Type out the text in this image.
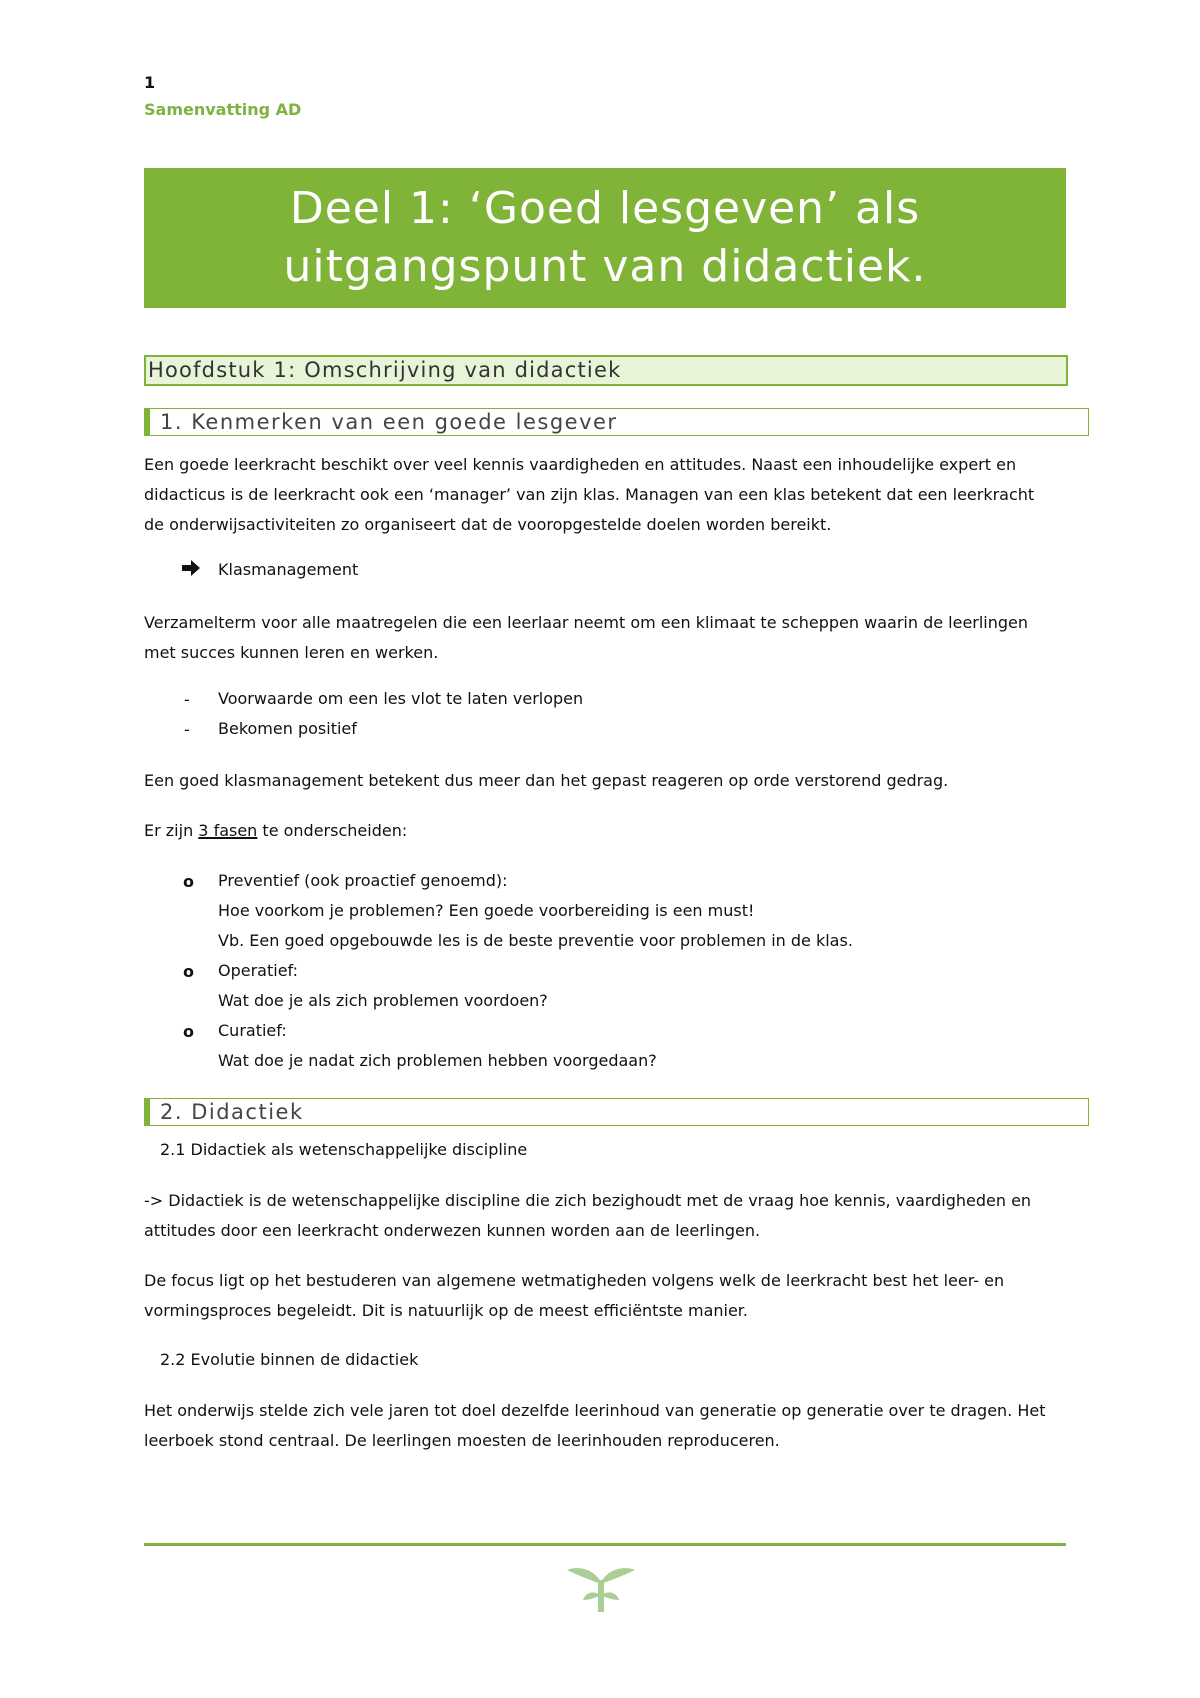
1
Samenvatting AD
Deel 1: ‘Goed lesgeven’ als
uitgangspunt van didactiek.
Hoofdstuk 1: Omschrijving van didactiek
1. Kenmerken van een goede lesgever
Een goede leerkracht beschikt over veel kennis vaardigheden en attitudes. Naast een inhoudelijke expert en
didacticus is de leerkracht ook een ‘manager’ van zijn klas. Managen van een klas betekent dat een leerkracht
de onderwijsactiviteiten zo organiseert dat de vooropgestelde doelen worden bereikt.
Klasmanagement
Verzamelterm voor alle maatregelen die een leerlaar neemt om een klimaat te scheppen waarin de leerlingen
met succes kunnen leren en werken.
- Voorwaarde om een les vlot te laten verlopen
- Bekomen positief
Een goed klasmanagement betekent dus meer dan het gepast reageren op orde verstorend gedrag.
Er zijn 3 fasen te onderscheiden:
o Preventief (ook proactief genoemd):
Hoe voorkom je problemen? Een goede voorbereiding is een must!
Vb. Een goed opgebouwde les is de beste preventie voor problemen in de klas.
o Operatief:
Wat doe je als zich problemen voordoen?
o Curatief:
Wat doe je nadat zich problemen hebben voorgedaan?
2. Didactiek
2.1 Didactiek als wetenschappelijke discipline
-> Didactiek is de wetenschappelijke discipline die zich bezighoudt met de vraag hoe kennis, vaardigheden en
attitudes door een leerkracht onderwezen kunnen worden aan de leerlingen.
De focus ligt op het bestuderen van algemene wetmatigheden volgens welk de leerkracht best het leer- en
vormingsproces begeleidt. Dit is natuurlijk op de meest efficiëntste manier.
2.2 Evolutie binnen de didactiek
Het onderwijs stelde zich vele jaren tot doel dezelfde leerinhoud van generatie op generatie over te dragen. Het
leerboek stond centraal. De leerlingen moesten de leerinhouden reproduceren.
